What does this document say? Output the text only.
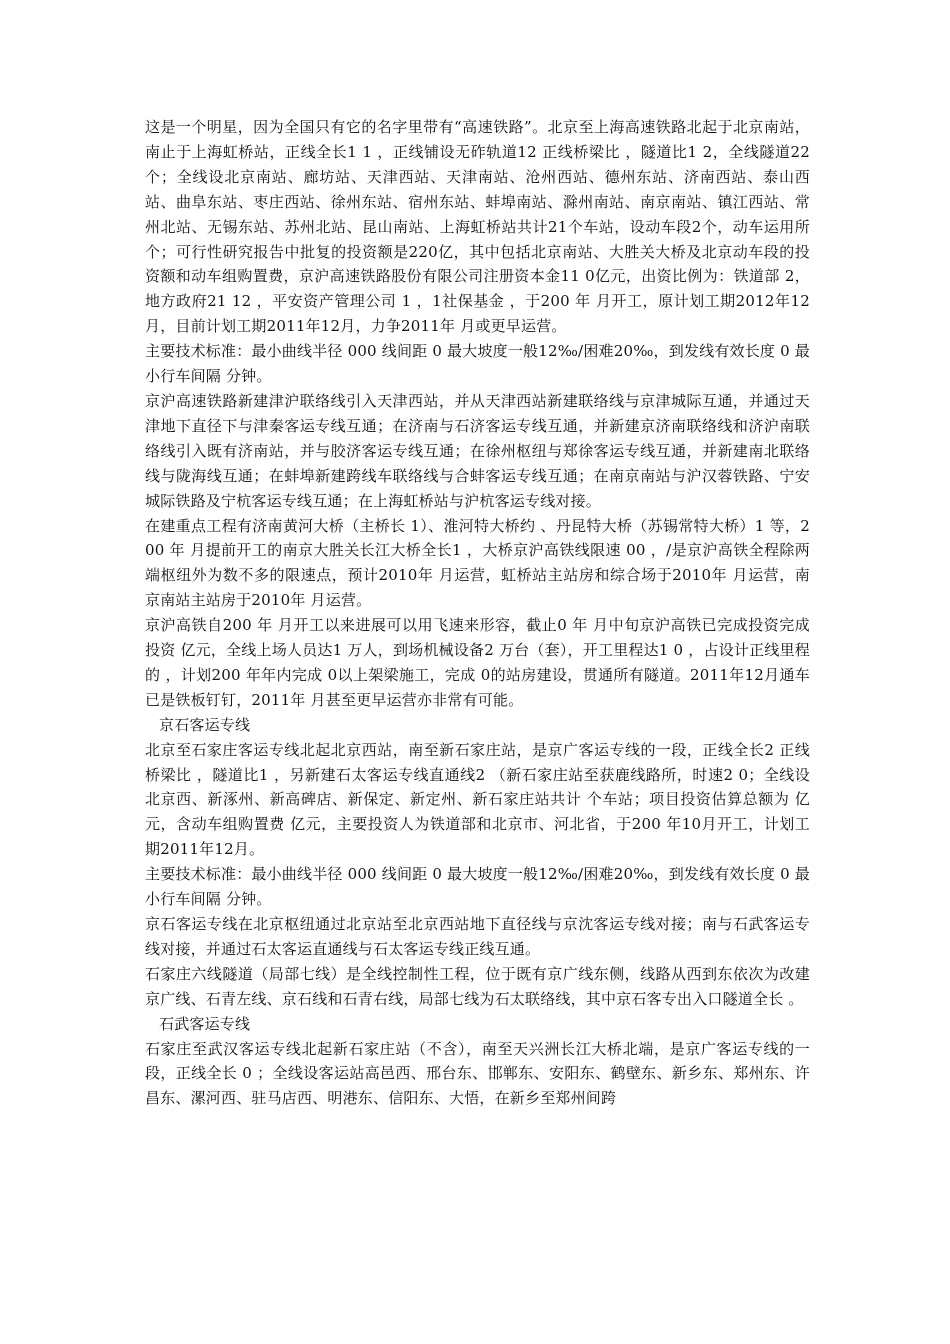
这是一个明星，因为全国只有它的名字里带有“高速铁路”。北京至上海高速铁路北起于北京南站，南止于上海虹桥站，正线全长1 1 ，正线铺设无砟轨道12 正线桥梁比 ，隧道比1 2，全线隧道22个；全线设北京南站、廊坊站、天津西站、天津南站、沧州西站、德州东站、济南西站、泰山西站、曲阜东站、枣庄西站、徐州东站、宿州东站、蚌埠南站、滁州南站、南京南站、镇江西站、常州北站、无锡东站、苏州北站、昆山南站、上海虹桥站共计21个车站，设动车段2个，动车运用所 个；可行性研究报告中批复的投资额是220亿，其中包括北京南站、大胜关大桥及北京动车段的投资额和动车组购置费，京沪高速铁路股份有限公司注册资本金11 0亿元，出资比例为：铁道部 2，地方政府21 12 ，平安资产管理公司 1 ，1社保基金 ，于200 年 月开工，原计划工期2012年12月，目前计划工期2011年12月，力争2011年 月或更早运营。

主要技术标准：最小曲线半径 000 线间距 0 最大坡度一般12‰/困难20‰，到发线有效长度 0 最小行车间隔 分钟。

京沪高速铁路新建津沪联络线引入天津西站，并从天津西站新建联络线与京津城际互通，并通过天津地下直径下与津秦客运专线互通；在济南与石济客运专线互通，并新建京济南联络线和济沪南联络线引入既有济南站，并与胶济客运专线互通；在徐州枢纽与郑徐客运专线互通，并新建南北联络线与陇海线互通；在蚌埠新建跨线车联络线与合蚌客运专线互通；在南京南站与沪汉蓉铁路、宁安城际铁路及宁杭客运专线互通；在上海虹桥站与沪杭客运专线对接。

在建重点工程有济南黄河大桥（主桥长 1）、淮河特大桥约 、丹昆特大桥（苏锡常特大桥）1 等，200 年 月提前开工的南京大胜关长江大桥全长1 ，大桥京沪高铁线限速 00 ，/是京沪高铁全程除两端枢纽外为数不多的限速点，预计2010年 月运营，虹桥站主站房和综合场于2010年 月运营，南京南站主站房于2010年 月运营。

京沪高铁自200 年 月开工以来进展可以用飞速来形容，截止0 年 月中旬京沪高铁已完成投资完成投资 亿元，全线上场人员达1 万人，到场机械设备2 万台（套），开工里程达1 0 ，占设计正线里程的 ，计划200 年年内完成 0以上架梁施工，完成 0的站房建设，贯通所有隧道。2011年12月通车已是铁板钉钉，2011年 月甚至更早运营亦非常有可能。

京石客运专线

北京至石家庄客运专线北起北京西站，南至新石家庄站，是京广客运专线的一段，正线全长2 正线桥梁比 ，隧道比1 ，另新建石太客运专线直通线2 （新石家庄站至获鹿线路所，时速2 0；全线设北京西、新涿州、新高碑店、新保定、新定州、新石家庄站共计 个车站；项目投资估算总额为 亿元，含动车组购置费 亿元，主要投资人为铁道部和北京市、河北省，于200 年10月开工，计划工期2011年12月。

主要技术标准：最小曲线半径 000 线间距 0 最大坡度一般12‰/困难20‰，到发线有效长度 0 最小行车间隔 分钟。

京石客运专线在北京枢纽通过北京站至北京西站地下直径线与京沈客运专线对接；南与石武客运专线对接，并通过石太客运直通线与石太客运专线正线互通。

石家庄六线隧道（局部七线）是全线控制性工程，位于既有京广线东侧，线路从西到东依次为改建京广线、石青左线、京石线和石青右线，局部七线为石太联络线，其中京石客专出入口隧道全长 。

石武客运专线

石家庄至武汉客运专线北起新石家庄站（不含），南至天兴洲长江大桥北端，是京广客运专线的一段，正线全长 0 ；全线设客运站高邑西、邢台东、邯郸东、安阳东、鹤壁东、新乡东、郑州东、许昌东、漯河西、驻马店西、明港东、信阳东、大悟，在新乡至郑州间跨
